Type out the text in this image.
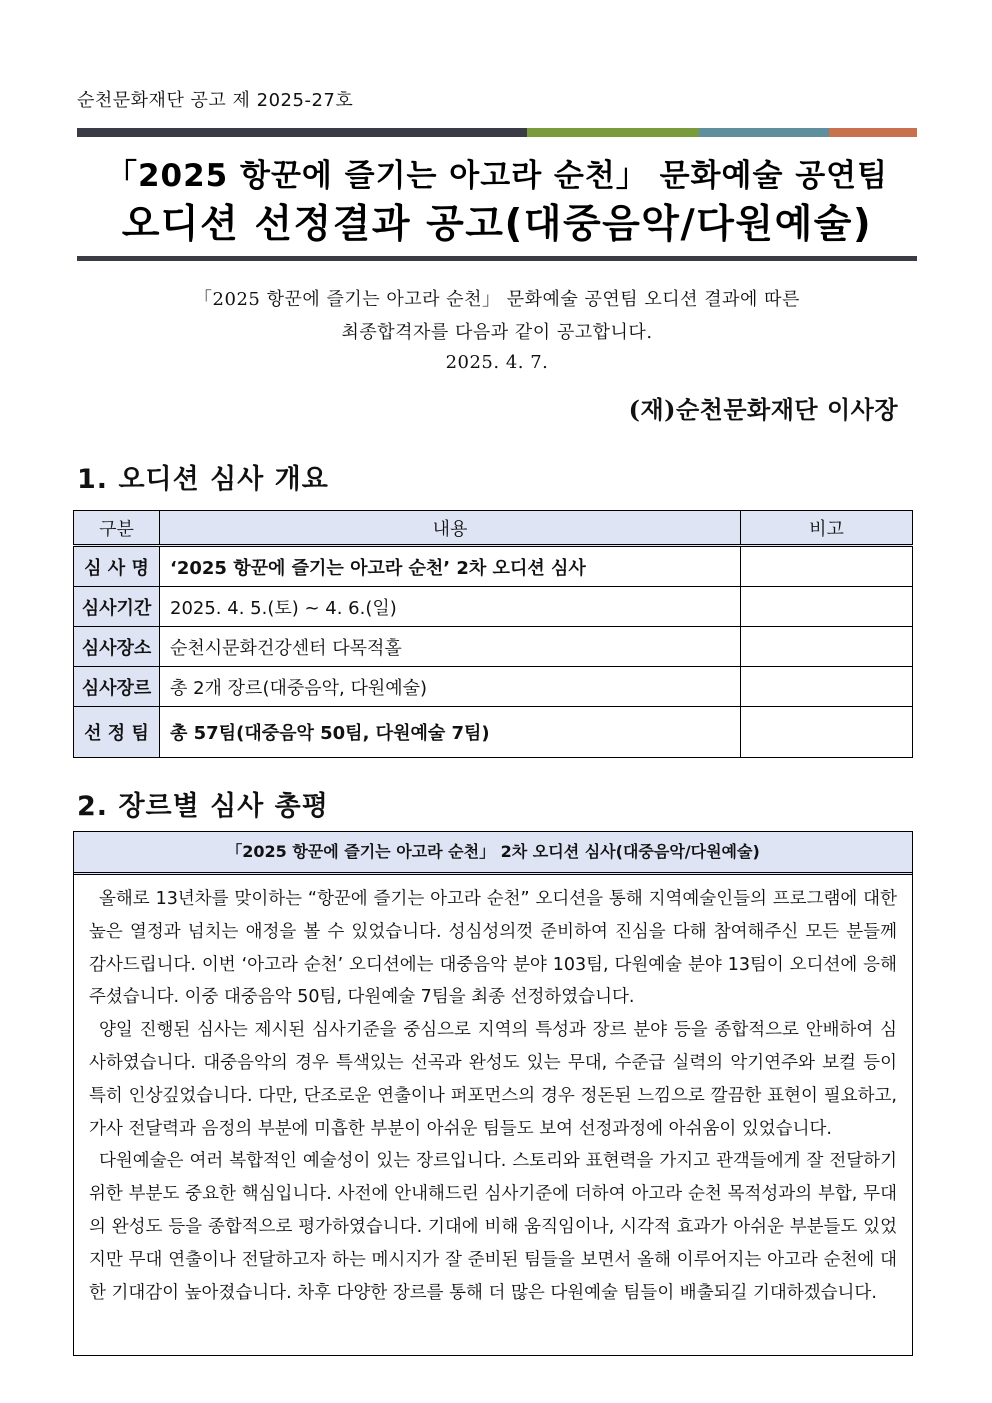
순천문화재단 공고 제 2025-27호
「2025 항꾼에 즐기는 아고라 순천」 문화예술 공연팀
오디션 선정결과 공고(대중음악/다원예술)
「2025 항꾼에 즐기는 아고라 순천」 문화예술 공연팀 오디션 결과에 따른
최종합격자를 다음과 같이 공고합니다.
2025. 4. 7.
(재)순천문화재단 이사장
1. 오디션 심사 개요
구분	내용	비고
심 사 명	‘2025 항꾼에 즐기는 아고라 순천’ 2차 오디션 심사	
심사기간	2025. 4. 5.(토) ~ 4. 6.(일)	
심사장소	순천시문화건강센터 다목적홀	
심사장르	총 2개 장르(대중음악, 다원예술)	
선 정 팀	총 57팀(대중음악 50팀, 다원예술 7팀)	
2. 장르별 심사 총평
「2025 항꾼에 즐기는 아고라 순천」 2차 오디션 심사(대중음악/다원예술)

올해로 13년차를 맞이하는 “항꾼에 즐기는 아고라 순천” 오디션을 통해 지역예술인들의 프로그램에 대한 높은 열정과 넘치는 애정을 볼 수 있었습니다. 성심성의껏 준비하여 진심을 다해 참여해주신 모든 분들께 감사드립니다. 이번 ‘아고라 순천’ 오디션에는 대중음악 분야 103팀, 다원예술 분야 13팀이 오디션에 응해주셨습니다. 이중 대중음악 50팀, 다원예술 7팀을 최종 선정하였습니다.

양일 진행된 심사는 제시된 심사기준을 중심으로 지역의 특성과 장르 분야 등을 종합적으로 안배하여 심사하였습니다. 대중음악의 경우 특색있는 선곡과 완성도 있는 무대, 수준급 실력의 악기연주와 보컬 등이 특히 인상깊었습니다. 다만, 단조로운 연출이나 퍼포먼스의 경우 정돈된 느낌으로 깔끔한 표현이 필요하고, 가사 전달력과 음정의 부분에 미흡한 부분이 아쉬운 팀들도 보여 선정과정에 아쉬움이 있었습니다.

다원예술은 여러 복합적인 예술성이 있는 장르입니다. 스토리와 표현력을 가지고 관객들에게 잘 전달하기 위한 부분도 중요한 핵심입니다. 사전에 안내해드린 심사기준에 더하여 아고라 순천 목적성과의 부합, 무대의 완성도 등을 종합적으로 평가하였습니다. 기대에 비해 움직임이나, 시각적 효과가 아쉬운 부분들도 있었지만 무대 연출이나 전달하고자 하는 메시지가 잘 준비된 팀들을 보면서 올해 이루어지는 아고라 순천에 대한 기대감이 높아졌습니다. 차후 다양한 장르를 통해 더 많은 다원예술 팀들이 배출되길 기대하겠습니다.
